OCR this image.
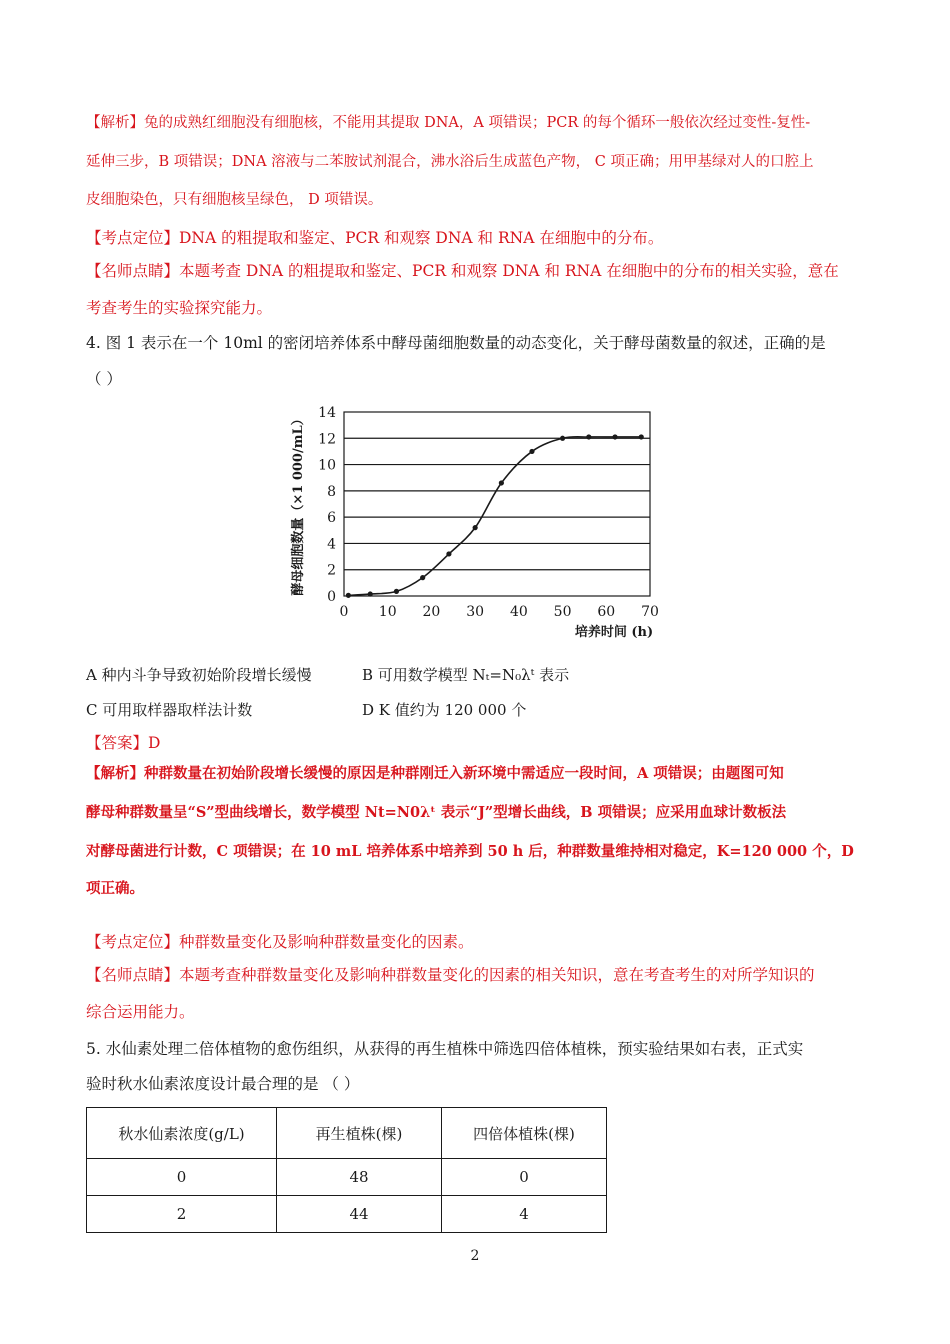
【解析】兔的成熟红细胞没有细胞核，不能用其提取 DNA，A 项错误；PCR 的每个循环一般依次经过变性-复性-
延伸三步，B 项错误；DNA 溶液与二苯胺试剂混合，沸水浴后生成蓝色产物， C 项正确；用甲基绿对人的口腔上
皮细胞染色，只有细胞核呈绿色， D 项错误。
【考点定位】DNA 的粗提取和鉴定、PCR 和观察 DNA 和 RNA 在细胞中的分布。
【名师点睛】本题考查 DNA 的粗提取和鉴定、PCR 和观察 DNA 和 RNA 在细胞中的分布的相关实验，意在
考查考生的实验探究能力。
4. 图 1 表示在一个 10ml 的密闭培养体系中酵母菌细胞数量的动态变化，关于酵母菌数量的叙述，正确的是
（ ）
0
2
4
6
8
10
12
14
0 10 20 30 40 50 60 70
酵母细胞数量（×1 000/mL）
培养时间 (h)
A 种内斗争导致初始阶段增长缓慢	B 可用数学模型 Nₜ=N₀λᵗ 表示
C 可用取样器取样法计数	D K 值约为 120 000 个
【答案】D
【解析】种群数量在初始阶段增长缓慢的原因是种群刚迁入新环境中需适应一段时间，A 项错误；由题图可知
酵母种群数量呈“S”型曲线增长，数学模型 Nt=N0λᵗ 表示“J”型增长曲线，B 项错误；应采用血球计数板法
对酵母菌进行计数，C 项错误；在 10 mL 培养体系中培养到 50 h 后，种群数量维持相对稳定，K=120 000 个，D
项正确。
【考点定位】种群数量变化及影响种群数量变化的因素。
【名师点睛】本题考查种群数量变化及影响种群数量变化的因素的相关知识，意在考查考生的对所学知识的
综合运用能力。
5. 水仙素处理二倍体植物的愈伤组织，从获得的再生植株中筛选四倍体植株，预实验结果如右表，正式实
验时秋水仙素浓度设计最合理的是 （ ）
秋水仙素浓度(g/L)	再生植株(棵)	四倍体植株(棵)
0	48	0
2	44	4
2
